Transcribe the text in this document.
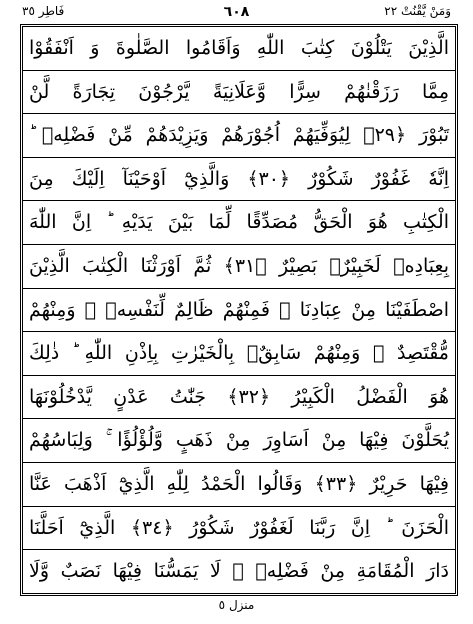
وَمَنْ يَّقْنُتْ ٢٢
٦٠٨
فَاطِر ٣٥
الَّذِيْنَ يَتْلُوْنَ كِتٰبَ اللّٰهِ وَاَقَامُوا الصَّلٰوةَ وَ اَنْفَقُوْا
مِمَّا رَزَقْنٰهُمْ سِرًّا وَّعَلَانِيَةً يَّرْجُوْنَ تِجَارَةً لَّنْ
تَبُوْرَ ﴿٢٩﴾ لِيُوَفِّيَهُمْ اُجُوْرَهُمْ وَيَزِيْدَهُمْ مِّنْ فَضْلِهٖ ؕ
اِنَّهٗ غَفُوْرٌ شَكُوْرٌ ﴿٣٠﴾ وَالَّذِيْٓ اَوْحَيْنَآ اِلَيْكَ مِنَ
الْكِتٰبِ هُوَ الْحَقُّ مُصَدِّقًا لِّمَا بَيْنَ يَدَيْهِ ؕ اِنَّ اللّٰهَ
بِعِبَادِهٖ لَخَبِيْرٌۢ بَصِيْرٌ ﴿٣١﴾ ثُمَّ اَوْرَثْنَا الْكِتٰبَ الَّذِيْنَ
اصْطَفَيْنَا مِنْ عِبَادِنَا ۚ فَمِنْهُمْ ظَالِمٌ لِّنَفْسِهٖ ۚ وَمِنْهُمْ
مُّقْتَصِدٌ ۚ وَمِنْهُمْ سَابِقٌۢ بِالْخَيْرٰتِ بِاِذْنِ اللّٰهِ ؕ ذٰلِكَ
هُوَ الْفَضْلُ الْكَبِيْرُ ﴿٣٢﴾ جَنّٰتُ عَدْنٍ يَّدْخُلُوْنَهَا
يُحَلَّوْنَ فِيْهَا مِنْ اَسَاوِرَ مِنْ ذَهَبٍ وَّلُؤْلُؤًا ۚ وَلِبَاسُهُمْ
فِيْهَا حَرِيْرٌ ﴿٣٣﴾ وَقَالُوا الْحَمْدُ لِلّٰهِ الَّذِيْٓ اَذْهَبَ عَنَّا
الْحَزَنَ ؕ اِنَّ رَبَّنَا لَغَفُوْرٌ شَكُوْرُ ﴿٣٤﴾ الَّذِيْٓ اَحَلَّنَا
دَارَ الْمُقَامَةِ مِنْ فَضْلِهٖ ۚ لَا يَمَسُّنَا فِيْهَا نَصَبٌ وَّلَا
منزل ٥
